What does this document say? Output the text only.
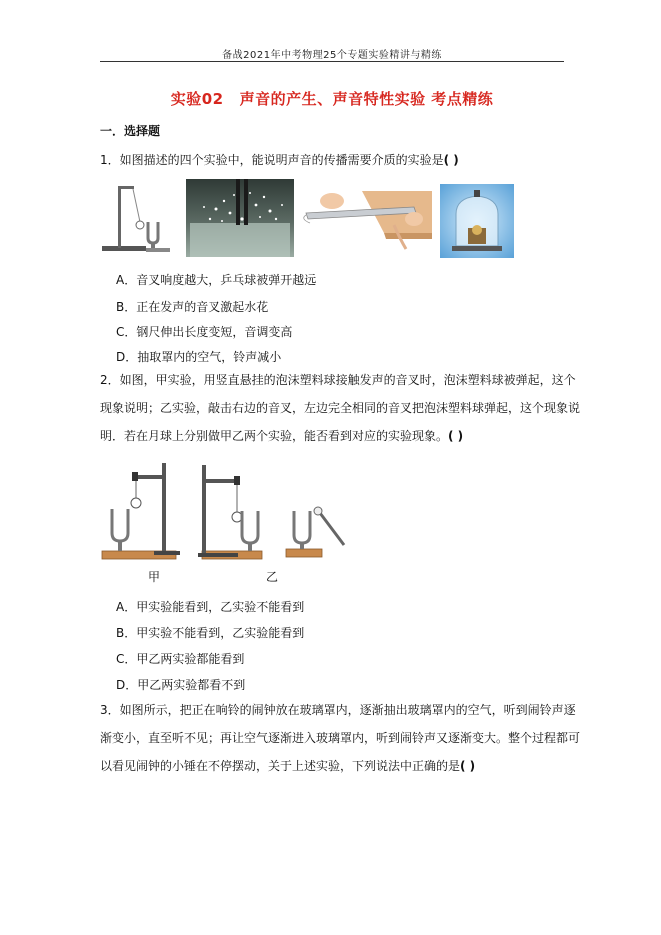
备战2021年中考物理25个专题实验精讲与精练
实验02 声音的产生、声音特性实验 考点精练
一．选择题
1．如图描述的四个实验中，能说明声音的传播需要介质的实验是( )
A．音叉响度越大，乒乓球被弹开越远
B．正在发声的音叉激起水花
C．钢尺伸出长度变短，音调变高
D．抽取罩内的空气，铃声减小
2．如图，甲实验，用竖直悬挂的泡沫塑料球接触发声的音叉时，泡沫塑料球被弹起，这个
现象说明；乙实验，敲击右边的音叉，左边完全相同的音叉把泡沫塑料球弹起，这个现象说
明．若在月球上分别做甲乙两个实验，能否看到对应的实验现象。( )
甲	乙
A．甲实验能看到，乙实验不能看到
B．甲实验不能看到，乙实验能看到
C．甲乙两实验都能看到
D．甲乙两实验都看不到
3．如图所示，把正在响铃的闹钟放在玻璃罩内，逐渐抽出玻璃罩内的空气，听到闹铃声逐
渐变小，直至听不见；再让空气逐渐进入玻璃罩内，听到闹铃声又逐渐变大。整个过程都可
以看见闹钟的小锤在不停摆动，关于上述实验，下列说法中正确的是( )
